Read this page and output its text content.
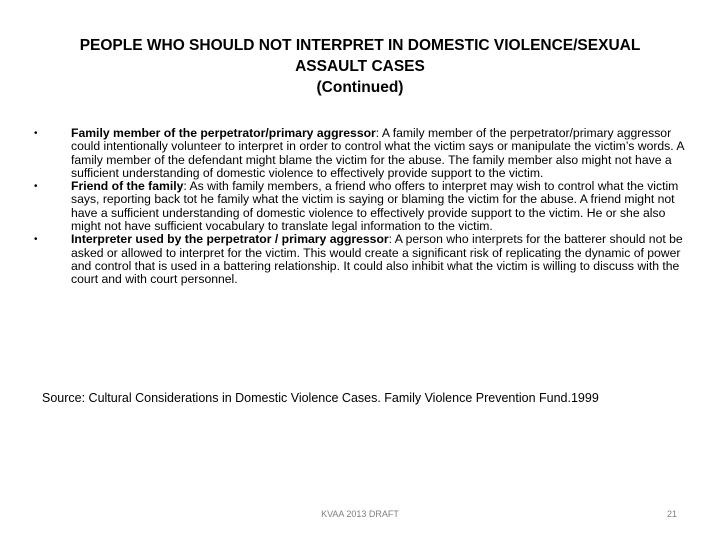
PEOPLE WHO SHOULD NOT INTERPRET IN DOMESTIC VIOLENCE/SEXUAL
ASSAULT CASES
(Continued)
•	Family member of the perpetrator/primary aggressor: A family member of the perpetrator/primary aggressor could intentionally volunteer to interpret in order to control what the victim says or manipulate the victim’s words. A family member of the defendant might blame the victim for the abuse. The family member also might not have a sufficient understanding of domestic violence to effectively provide support to the victim.
•	Friend of the family: As with family members, a friend who offers to interpret may wish to control what the victim says, reporting back tot he family what the victim is saying or blaming the victim for the abuse. A friend might not have a sufficient understanding of domestic violence to effectively provide support to the victim. He or she also might not have sufficient vocabulary to translate legal information to the victim.
•	Interpreter used by the perpetrator / primary aggressor: A person who interprets for the batterer should not be asked or allowed to interpret for the victim. This would create a significant risk of replicating the dynamic of power and control that is used in a battering relationship. It could also inhibit what the victim is willing to discuss with the court and with court personnel.
Source: Cultural Considerations in Domestic Violence Cases. Family Violence Prevention Fund.1999
KVAA 2013 DRAFT	21
